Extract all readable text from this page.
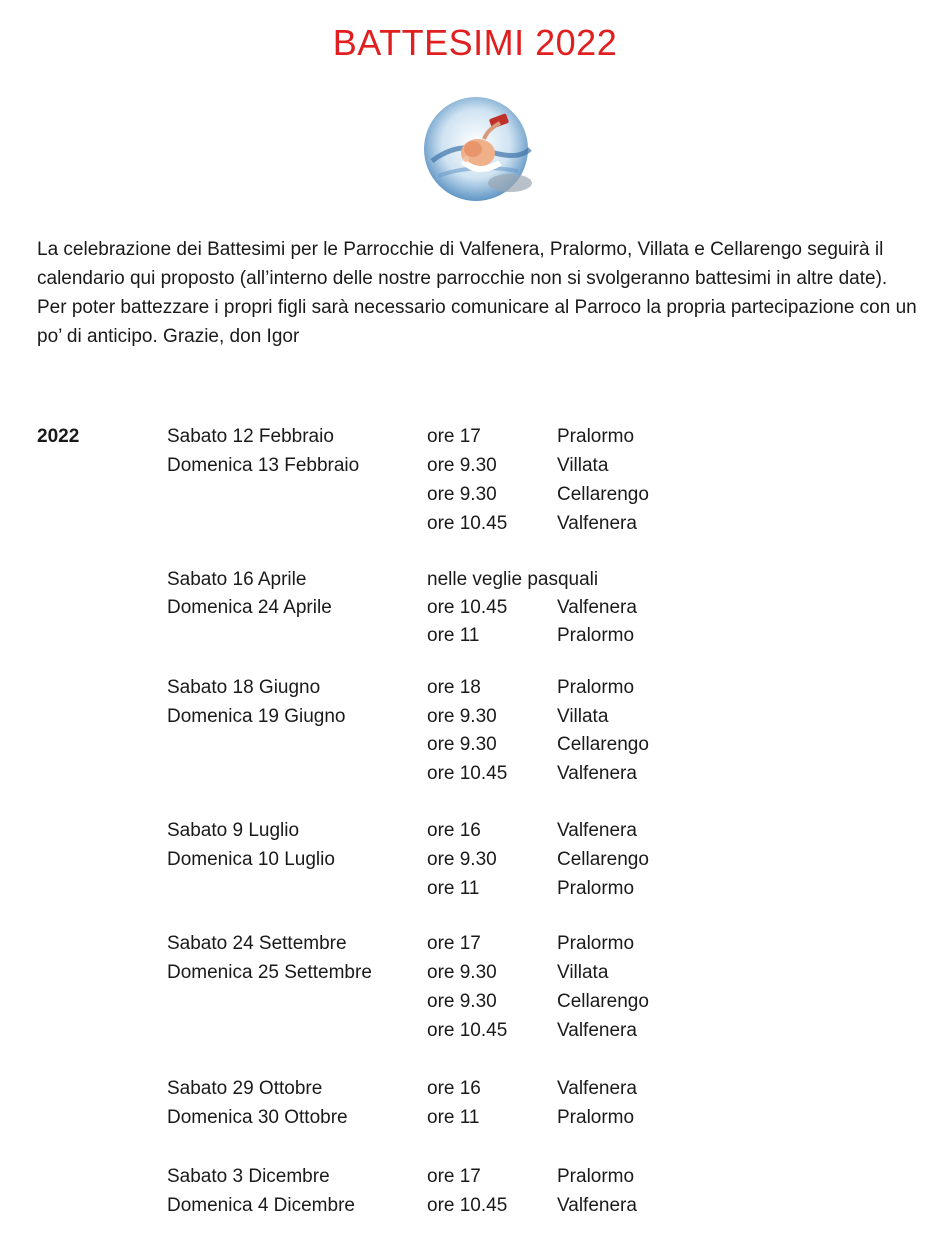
BATTESIMI 2022

La celebrazione dei Battesimi per le Parrocchie di Valfenera, Pralormo, Villata e Cellarengo seguirà il calendario qui proposto (all’interno delle nostre parrocchie non si svolgeranno battesimi in altre date). Per poter battezzare i propri figli sarà necessario comunicare al Parroco la propria partecipazione con un po’ di anticipo. Grazie, don Igor

2022	Sabato 12 Febbraio	ore 17	Pralormo
Domenica 13 Febbraio	ore 9.30	Villata
ore 9.30	Cellarengo
ore 10.45	Valfenera
Sabato 16 Aprile	nelle veglie pasquali
Domenica 24 Aprile	ore 10.45	Valfenera
ore 11	Pralormo
Sabato 18 Giugno	ore 18	Pralormo
Domenica 19 Giugno	ore 9.30	Villata
ore 9.30	Cellarengo
ore 10.45	Valfenera
Sabato 9 Luglio	ore 16	Valfenera
Domenica 10 Luglio	ore 9.30	Cellarengo
ore 11	Pralormo
Sabato 24 Settembre	ore 17	Pralormo
Domenica 25 Settembre	ore 9.30	Villata
ore 9.30	Cellarengo
ore 10.45	Valfenera
Sabato 29 Ottobre	ore 16	Valfenera
Domenica 30 Ottobre	ore 11	Pralormo
Sabato 3 Dicembre	ore 17	Pralormo
Domenica 4 Dicembre	ore 10.45	Valfenera
